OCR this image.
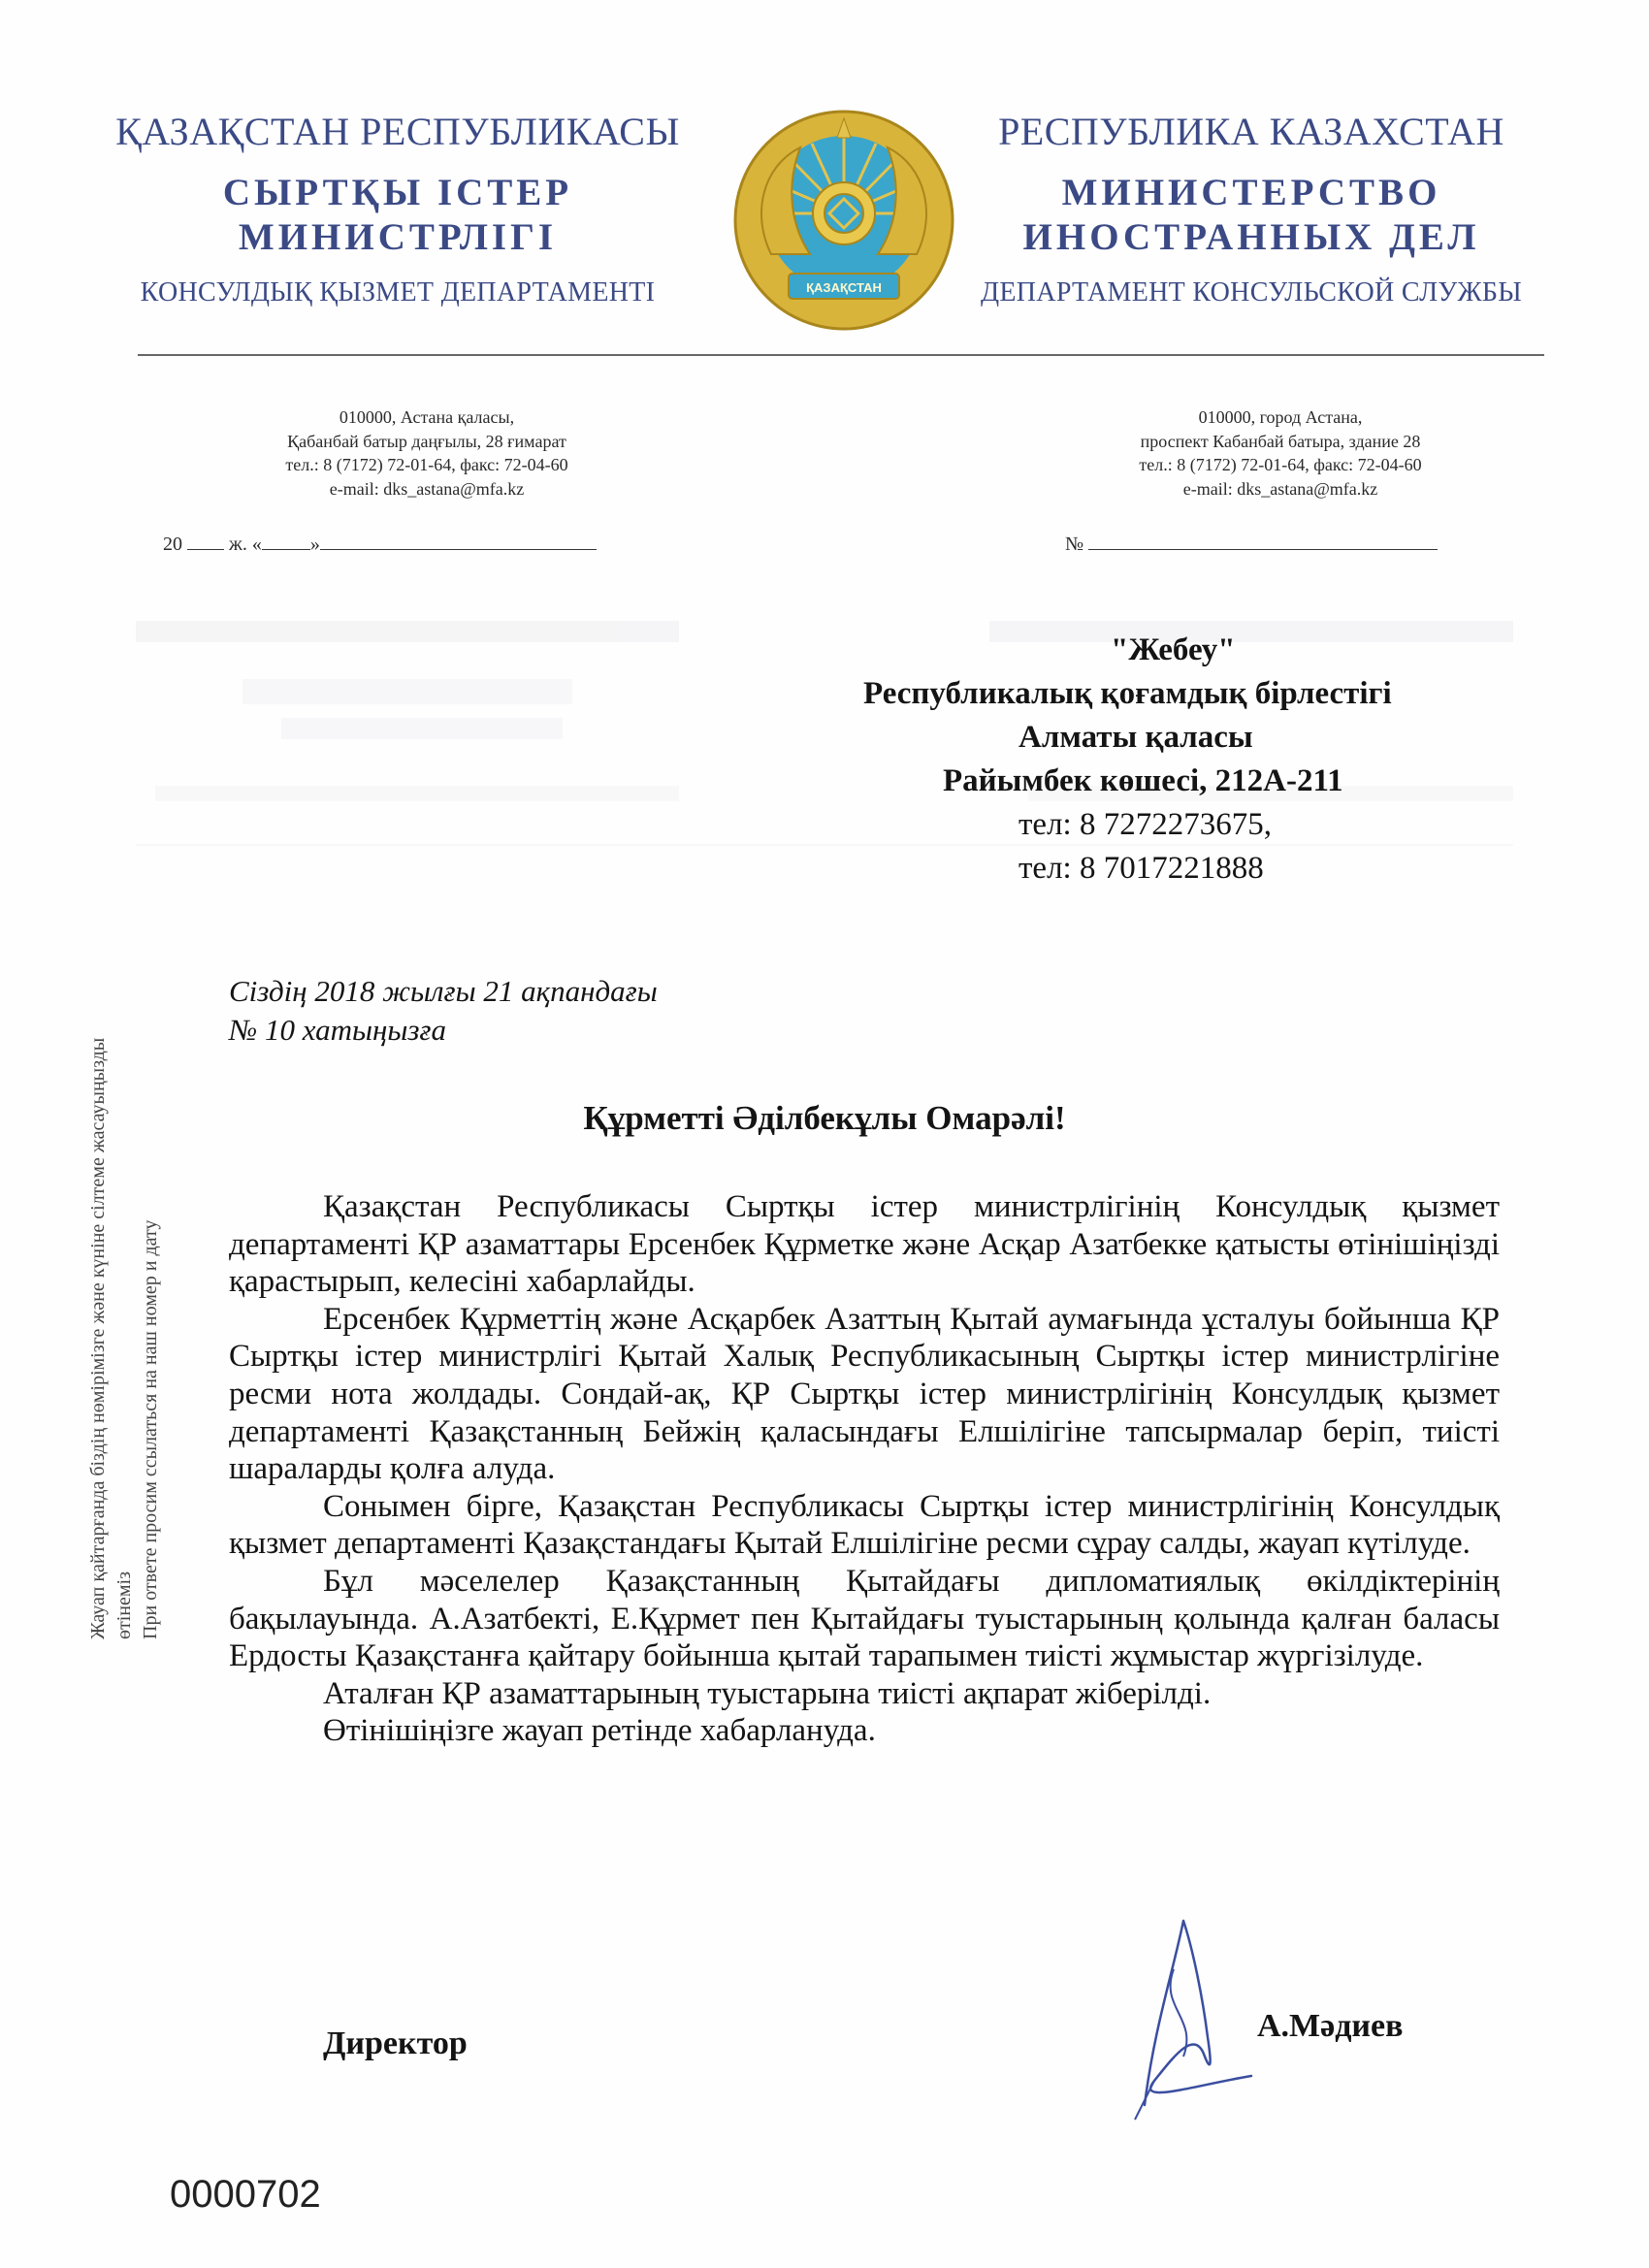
ҚАЗАҚСТАН РЕСПУБЛИКАСЫ
СЫРТҚЫ ІСТЕР
МИНИСТРЛІГІ
КОНСУЛДЫҚ ҚЫЗМЕТ ДЕПАРТАМЕНТІ	ҚАЗАҚСТАН
РЕСПУБЛИКА КАЗАХСТАН
МИНИСТЕРСТВО
ИНОСТРАННЫХ ДЕЛ
ДЕПАРТАМЕНТ КОНСУЛЬСКОЙ СЛУЖБЫ
010000, Астана қаласы,
Қабанбай батыр даңғылы, 28 ғимарат
тел.: 8 (7172) 72-01-64, факс: 72-04-60
e-mail: dks_astana@mfa.kz
010000, город Астана,
проспект Кабанбай батыра, здание 28
тел.: 8 (7172) 72-01-64, факс: 72-04-60
e-mail: dks_astana@mfa.kz
20 ж. «	»	№
Жауап қайтарғанда біздің нөмірімізге және күніне сілтеме жасауыңызды өтінеміз При ответе просим ссылаться на наш номер и дату
"Жебеу"
Республикалық қоғамдық бірлестігі
Алматы қаласы
Райымбек көшесі, 212А-211
тел: 8 7272273675,
тел: 8 7017221888
Сіздің 2018 жылғы 21 ақпандағы
№ 10 хатыңызға
Құрметті Әділбекұлы Омарәлі!

Қазақстан Республикасы Сыртқы істер министрлігінің Консулдық қызмет департаменті ҚР азаматтары Ерсенбек Құрметке және Асқар Азатбекке қатысты өтінішіңізді қарастырып, келесіні хабарлайды.

Ерсенбек Құрметтің және Асқарбек Азаттың Қытай аумағында ұсталуы бойынша ҚР Сыртқы істер министрлігі Қытай Халық Республикасының Сыртқы істер министрлігіне ресми нота жолдады. Сондай-ақ, ҚР Сыртқы істер министрлігінің Консулдық қызмет департаменті Қазақстанның Бейжің қаласындағы Елшілігіне тапсырмалар беріп, тиісті шараларды қолға алуда.

Сонымен бірге, Қазақстан Республикасы Сыртқы істер министрлігінің Консулдық қызмет департаменті Қазақстандағы Қытай Елшілігіне ресми сұрау салды, жауап күтілуде.

Бұл мәселелер Қазақстанның Қытайдағы дипломатиялық өкілдіктерінің бақылауында. А.Азатбекті, Е.Құрмет пен Қытайдағы туыстарының қолында қалған баласы Ердосты Қазақстанға қайтару бойынша қытай тарапымен тиісті жұмыстар жүргізілуде.

Аталған ҚР азаматтарының туыстарына тиісті ақпарат жіберілді.

Өтінішіңізге жауап ретінде хабарлануда.

Директор	А.Мәдиев
0000702
